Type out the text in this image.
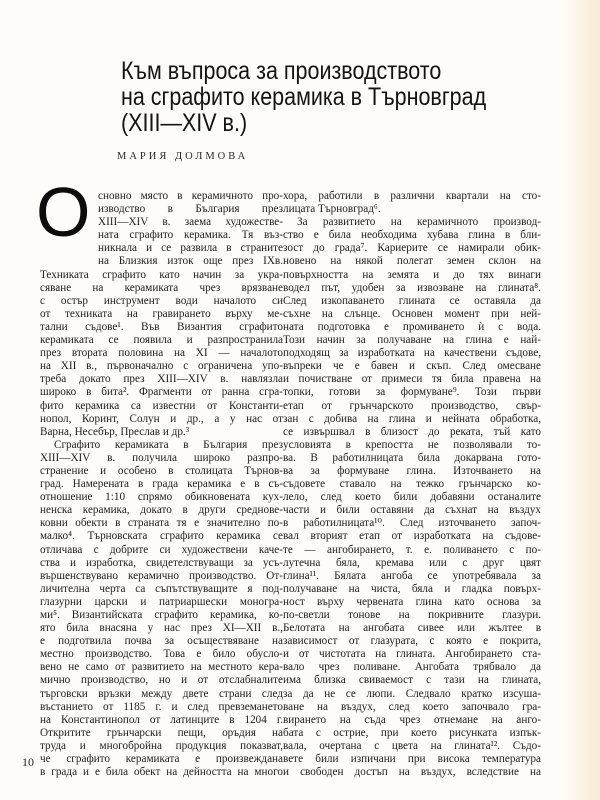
Към въпроса за производството
на сграфито керамика в Търновград
(XIII—XIV в.)
МАРИЯ ДОЛМОВА
О сновно място в керамичното про-
изводство в България през
XIII—XIV в. заема художестве-
ната сграфито керамика. Тя въз-
никнала и се развила в страните
на Близкия изток още през IXв.
Техниката сграфито като начин за укра-
сяване на керамиката чрез врязване
с остър инструмент води началото си
от техниката на гравирането върху ме-
тални съдове¹. Във Византия сграфито
керамиката се появила и разпространила
през втората половина на XI — началото
на XII в., първоначално с ограничена упо-
треба докато през XIII—XIV в. навлязла
широко в бита². Фрагменти от ранна сгра-
фито керамика са известни от Константи-
нопол, Коринт, Солун и др., а у нас от
Варна, Несебър, Преслав и др.³
Сграфито керамиката в България през
XIII—XIV в. получила широко разпро-
странение и особено в столицата Търнов-
град. Намерената в града керамика е в съ-
отношение 1:10 спрямо обикновената кух-
ненска керамика, докато в други среднове-
ковни обекти в страната тя е значително по-
малко⁴. Търновската сграфито керамика се
отличава с добрите си художествени каче-
ства и изработка, свидетелствуващи за усъ-
вършенствувано керамично производство. От-
личителна черта са съпътствуващите я под-
глазурни царски и патриаршески моногра-
ми⁵. Византийската сграфито керамика, ко-
ято била внасяна у нас през XI—XII в.,
е подготвила почва за осъществяване на
местно производство. Това е било обусло-
вено не само от развитието на местното кера-
мично производство, но и от отслабналите
търговски връзки между двете страни след
въстанието от 1185 г. и след превземането
на Константинопол от латинците в 1204 г.
Откритите грънчарски пещи, оръдия на
труда и многобройна продукция показват,
че сграфито керамиката е произвеждана
в града и е била обект на дейността на много
хора, работили в различни квартали на сто-
лицата Търновград⁶.
За развитието на керамичното производ-
ство е била необходима хубава глина в бли-
зост до града⁷. Кариерите се намирали обик-
новено на някой полегат земен склон на
повърхността на земята и до тях винаги
водел път, удобен за извозване на глината⁸.
След изкопаването глината се оставяла да
съхне на слънце. Основен момент при ней-
ната подготовка е промиването ѝ с вода.
Този начин за получаване на глина е най-
подходящ за изработката на качествени съдове,
въпреки че е бавен и скъп. След омесване
и почистване от примеси тя била правена на
топки, готови за формуване⁹. Този първи
етап от грънчарското производство, свър-
зан с добива на глина и нейната обработка,
се извършвал в близост до реката, тъй като
условията в крепостта не позволявали то-
ва. В работилницата била докарвана гото-
ва за формуване глина. Източването на
съдовете ставало на тежко грънчарско ко-
лело, след което били добавяни останалите
части и били оставяни да съхнат на въздух
в работилницата¹⁰. След източването започ-
вал вторият етап от изработката на съдове-
те — ангобирането, т. е. поливането с по-
лутечна бяла, кремава или с друг цвят
глина¹¹. Бялата ангоба се употребявала за
получаване на чиста, бяла и гладка повърх-
ност върху червената глина като основа за
по-светли тонове на покривните глазури.
Белотата на ангобата сивее или жълтее в
зависимост от глазурата, с която е покрита,
и от чистотата на глината. Ангобирането ста-
вало чрез поливане. Ангобата трябвало да
има близка свиваемост с тази на глината,
за да не се люпи. Следвало кратко изсушa-
ване на въздух, след което започвало гра-
вирането на съда чрез отнемане на анго-
бата с острие, при което рисунката изпък-
вала, очертана с цвета на глината¹². Съдо-
вете били изпичани при висока температура
и свободен достъп на въздух, вследствие на
10
